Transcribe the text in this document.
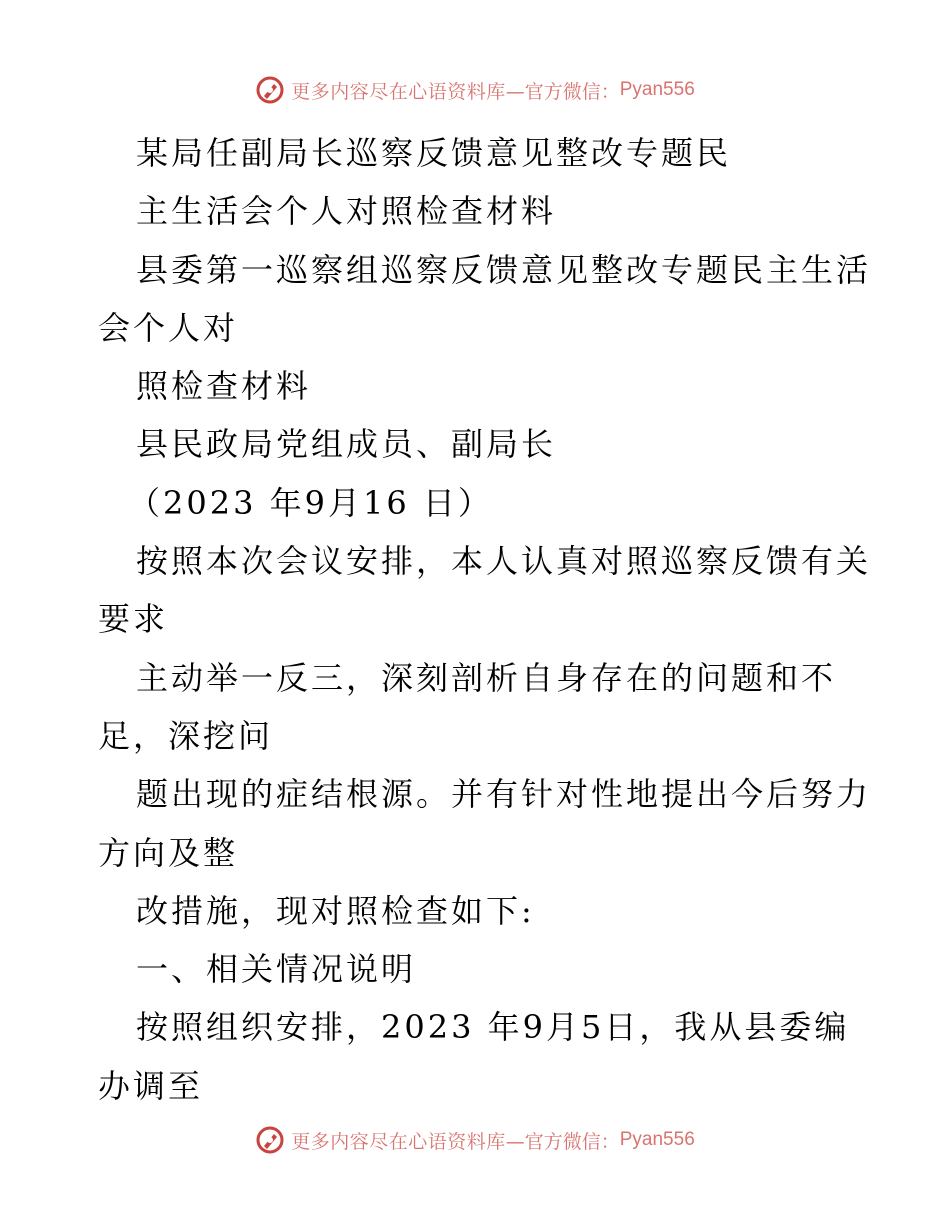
更多内容尽在心语资料库 —官方微信： Pyan556
某局任副局长巡察反馈意见整改专题民
主生活会个人对照检查材料
县委第一巡察组巡察反馈意见整改专题民主生活
会个人对
照检查材料
县民政局党组成员、副局长
（2023 年9月16 日）
按照本次会议安排，本人认真对照巡察反馈有关
要求
主动举一反三，深刻剖析自身存在的问题和不
足，深挖问
题出现的症结根源。并有针对性地提出今后努力
方向及整
改措施，现对照检查如下:
一、相关情况说明
按照组织安排，2023 年9月5日，我从县委编
办调至
更多内容尽在心语资料库 —官方微信： Pyan556
